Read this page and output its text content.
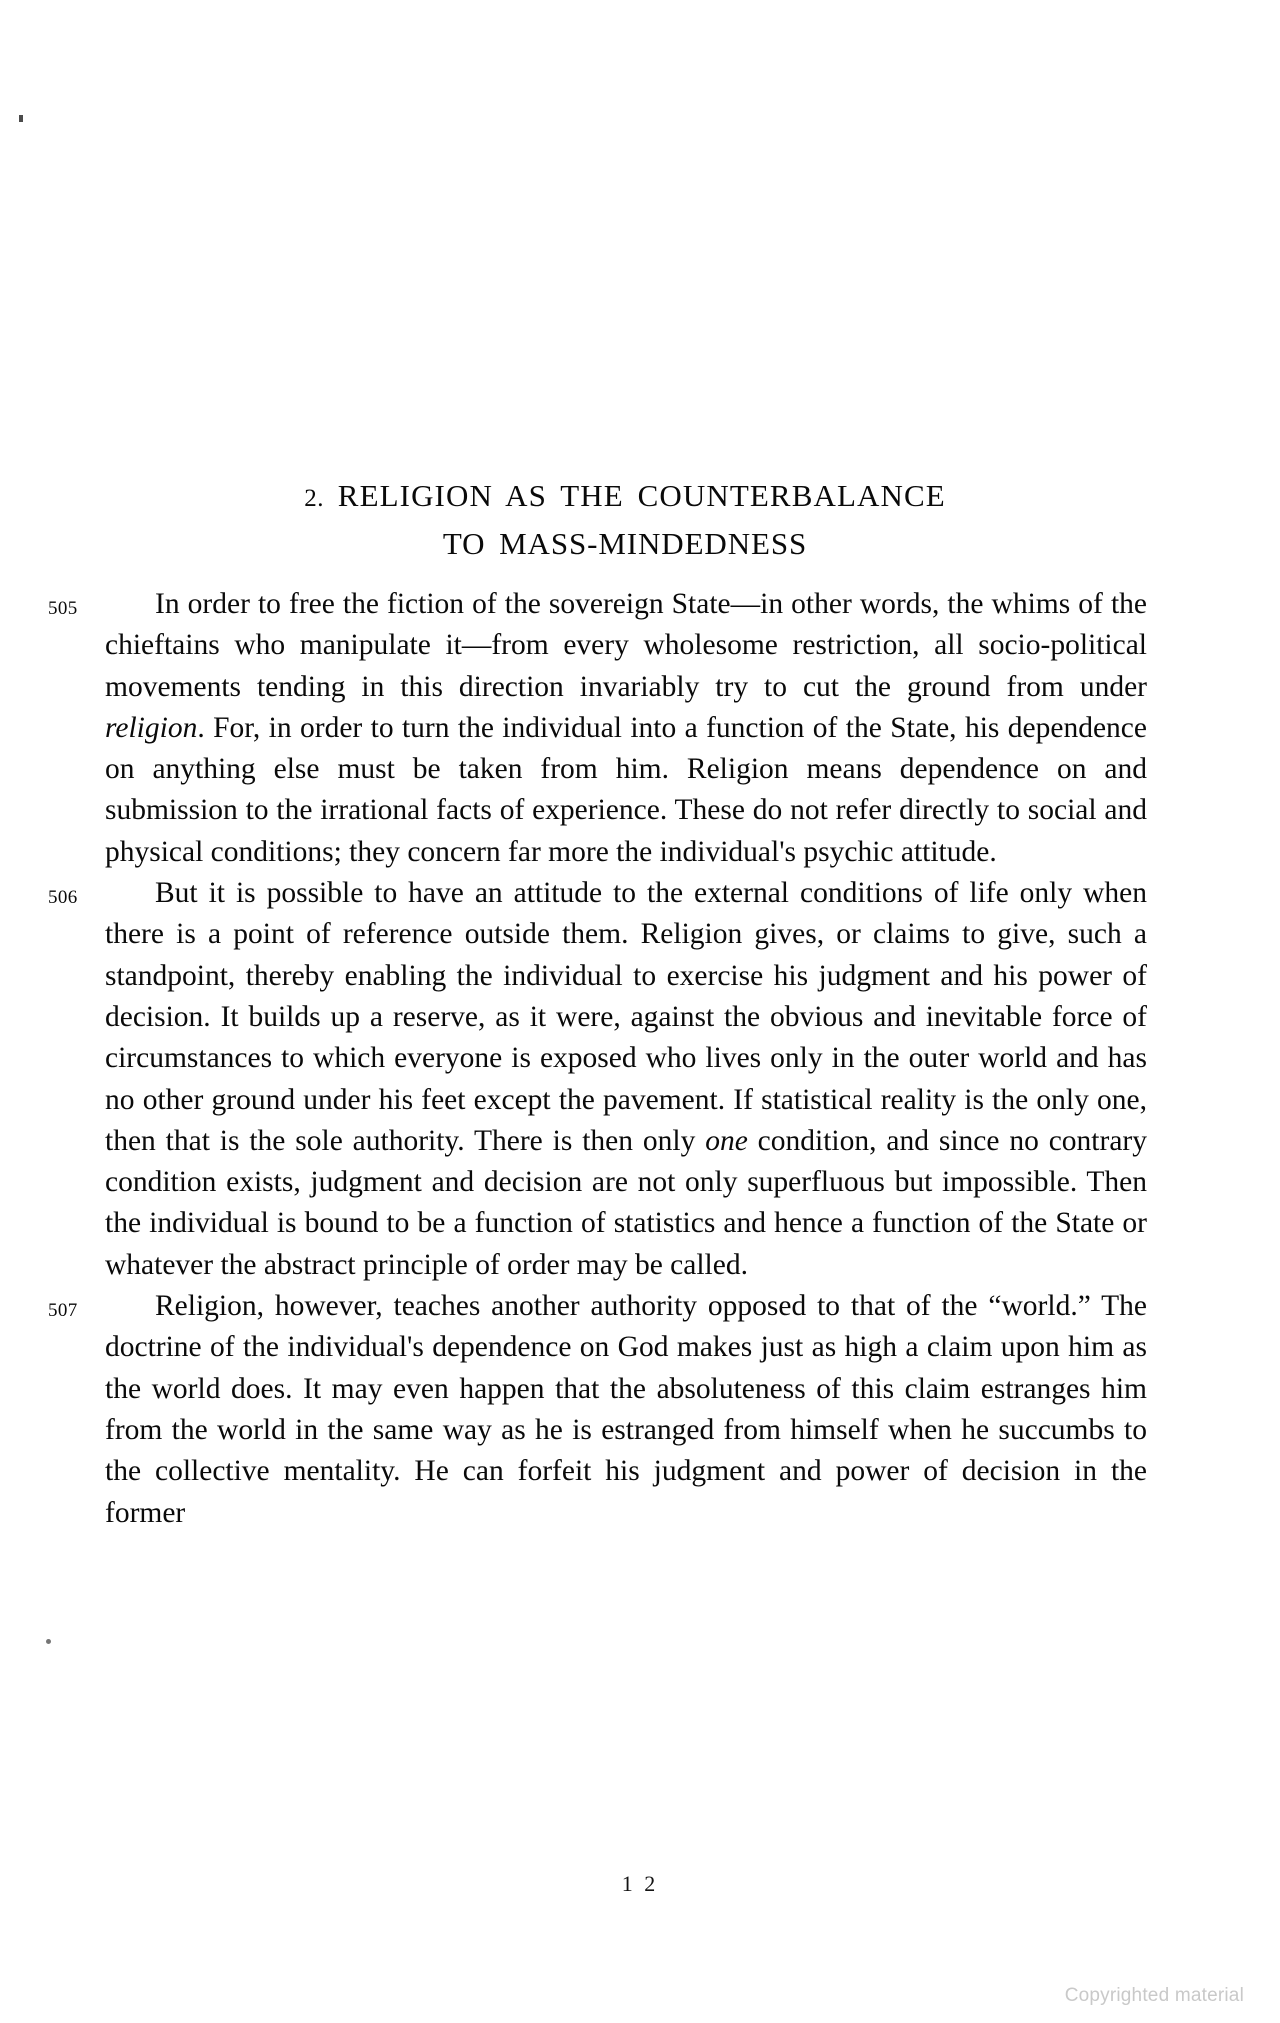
2. RELIGION AS THE COUNTERBALANCE
TO MASS-MINDEDNESS

505	In order to free the fiction of the sovereign State—in other words, the whims of the chieftains who manipulate it—from every wholesome restriction, all socio-political movements tending in this direction invariably try to cut the ground from under religion. For, in order to turn the individual into a function of the State, his dependence on anything else must be taken from him. Religion means dependence on and submission to the irrational facts of experience. These do not refer directly to social and physical conditions; they concern far more the individual's psychic attitude.

506	But it is possible to have an attitude to the external conditions of life only when there is a point of reference outside them. Religion gives, or claims to give, such a standpoint, thereby enabling the individual to exercise his judgment and his power of decision. It builds up a reserve, as it were, against the obvious and inevitable force of circumstances to which everyone is exposed who lives only in the outer world and has no other ground under his feet except the pavement. If statistical reality is the only one, then that is the sole authority. There is then only one condition, and since no contrary condition exists, judgment and decision are not only superfluous but impossible. Then the individual is bound to be a function of statistics and hence a function of the State or whatever the abstract principle of order may be called.

507	Religion, however, teaches another authority opposed to that of the “world.” The doctrine of the individual's dependence on God makes just as high a claim upon him as the world does. It may even happen that the absoluteness of this claim estranges him from the world in the same way as he is estranged from himself when he succumbs to the collective mentality. He can forfeit his judgment and power of decision in the former

1 2
Copyrighted material
